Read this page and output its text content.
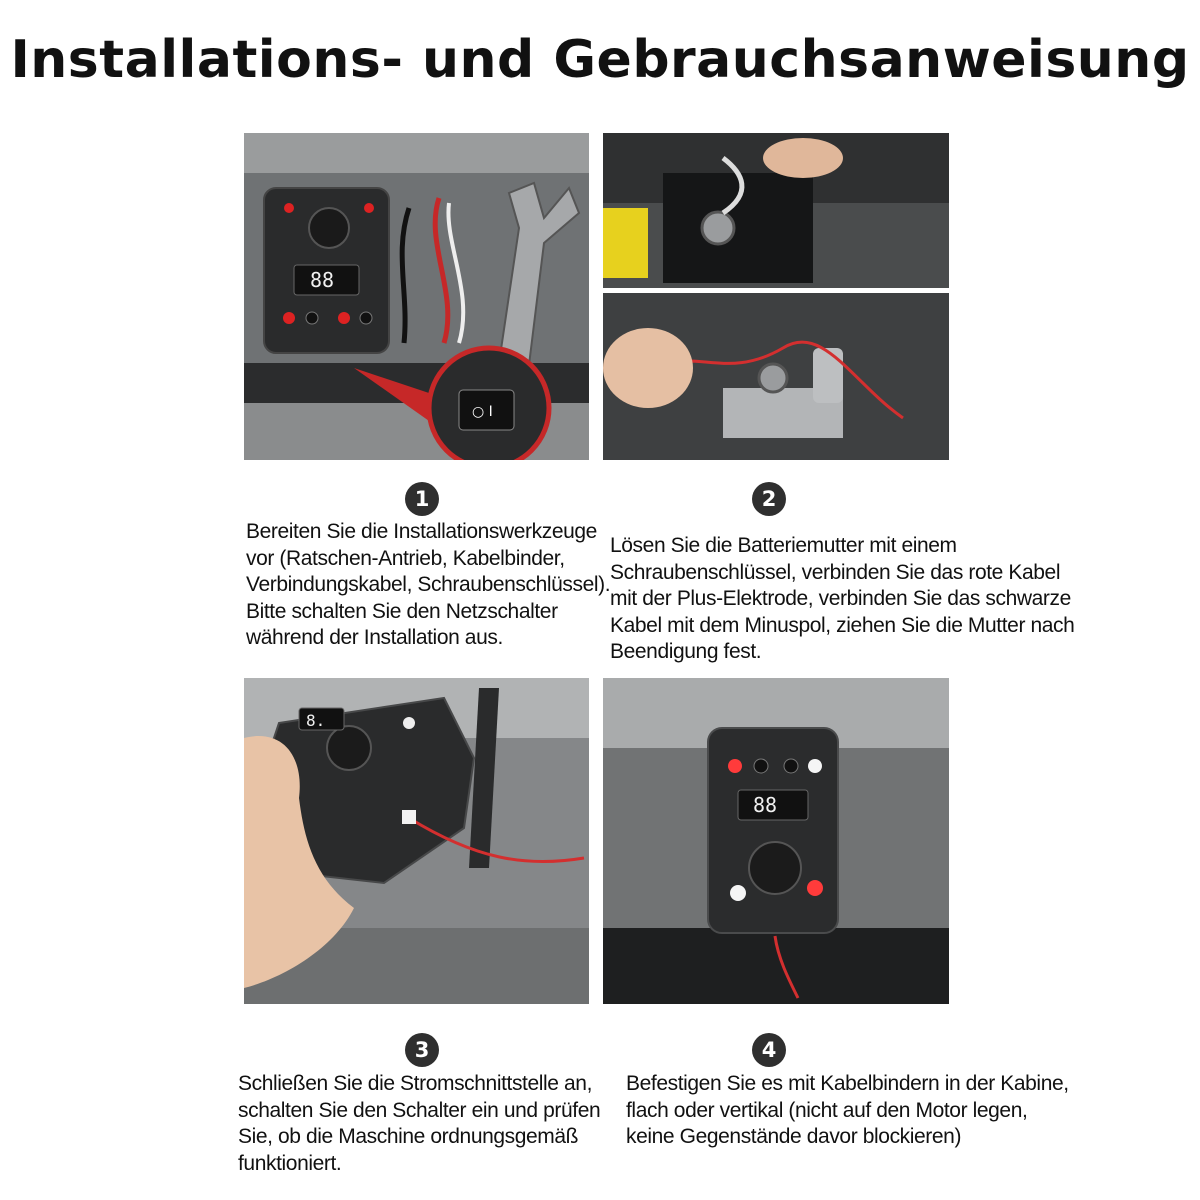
Installations- und Gebrauchsanweisung
88
○ I
1
Bereiten Sie die Installationswerkzeuge
vor (Ratschen-Antrieb, Kabelbinder,
Verbindungskabel, Schraubenschlüssel).
Bitte schalten Sie den Netzschalter
während der Installation aus.
2
Lösen Sie die Batteriemutter mit einem
Schraubenschlüssel, verbinden Sie das rote Kabel
mit der Plus-Elektrode, verbinden Sie das schwarze
Kabel mit dem Minuspol, ziehen Sie die Mutter nach
Beendigung fest.
8.
88
3
Schließen Sie die Stromschnittstelle an,
schalten Sie den Schalter ein und prüfen
Sie, ob die Maschine ordnungsgemäß
funktioniert.
4
Befestigen Sie es mit Kabelbindern in der Kabine,
flach oder vertikal (nicht auf den Motor legen,
keine Gegenstände davor blockieren)
